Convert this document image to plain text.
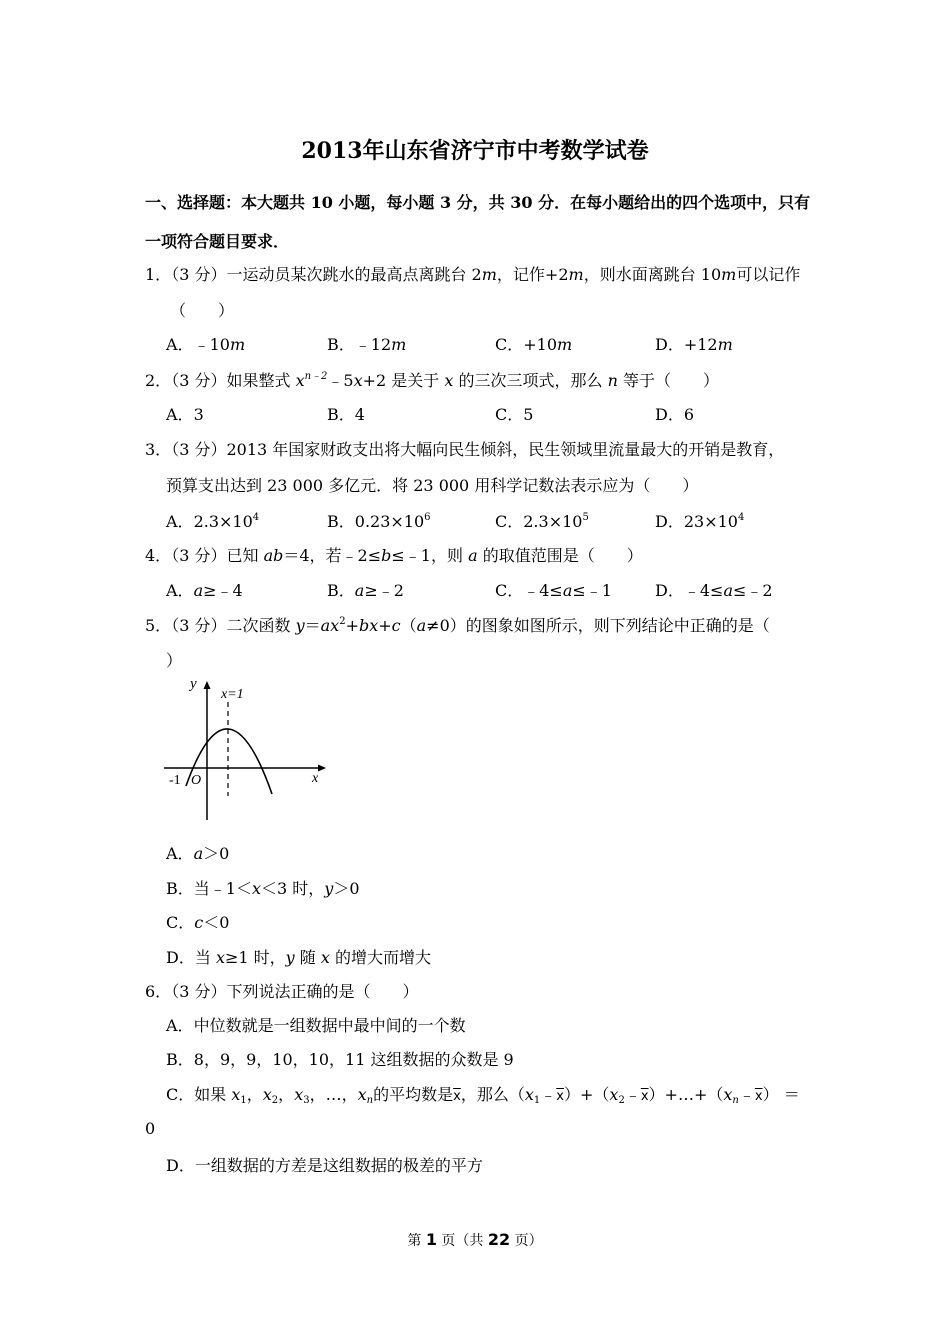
2013年山东省济宁市中考数学试卷
一、选择题：本大题共 10 小题，每小题 3 分，共 30 分．在每小题给出的四个选项中，只有
一项符合题目要求．
1．（3 分）一运动员某次跳水的最高点离跳台 2m，记作+2m，则水面离跳台 10m可以记作
（　　）
A．﹣10m	B．﹣12m	C．+10m	D．+12m
2．（3 分）如果整式 $x^{n﹣2}﹣5x+2$ 是关于 x 的三次三项式，那么 n 等于（　　）
A．3	B．4	C．5	D．6
3．（3 分）2013 年国家财政支出将大幅向民生倾斜，民生领域里流量最大的开销是教育，
预算支出达到 23 000 多亿元．将 23 000 用科学记数法表示应为（　　）
A．$2.3\times 10^4$	B．$0.23\times 10^6$	C．$2.3\times 10^5$	D．$23\times 10^4$
4．（3 分）已知 ab＝4，若﹣2≤b≤﹣1，则 a 的取值范围是（　　）
A．a≥﹣4	B．a≥﹣2	C．﹣4≤a≤﹣1	D．﹣4≤a≤﹣2
5．（3 分）二次函数 $y=ax^2+bx+c(a\ne 0)$的图象如图所示，则下列结论中正确的是（
）
y
x
x=1
-1 O
A．a＞0
B．当﹣1＜x＜3 时，y＞0
C．c＜0
D．当 x≥1 时，y 随 x 的增大而增大
6．（3 分）下列说法正确的是（　　）
A．中位数就是一组数据中最中间的一个数
B．8，9，9，10，10，11 这组数据的众数是 9
C．如果 $x_1$，$x_2$，$x_3$，…，$x_n$的平均数是$\overline{x}$，那么$(x_1﹣\overline{x})+(x_2﹣\overline{x})+\dots+(x_n﹣\overline{x})$ ＝
0
D．一组数据的方差是这组数据的极差的平方
第 1 页（共 22 页）
